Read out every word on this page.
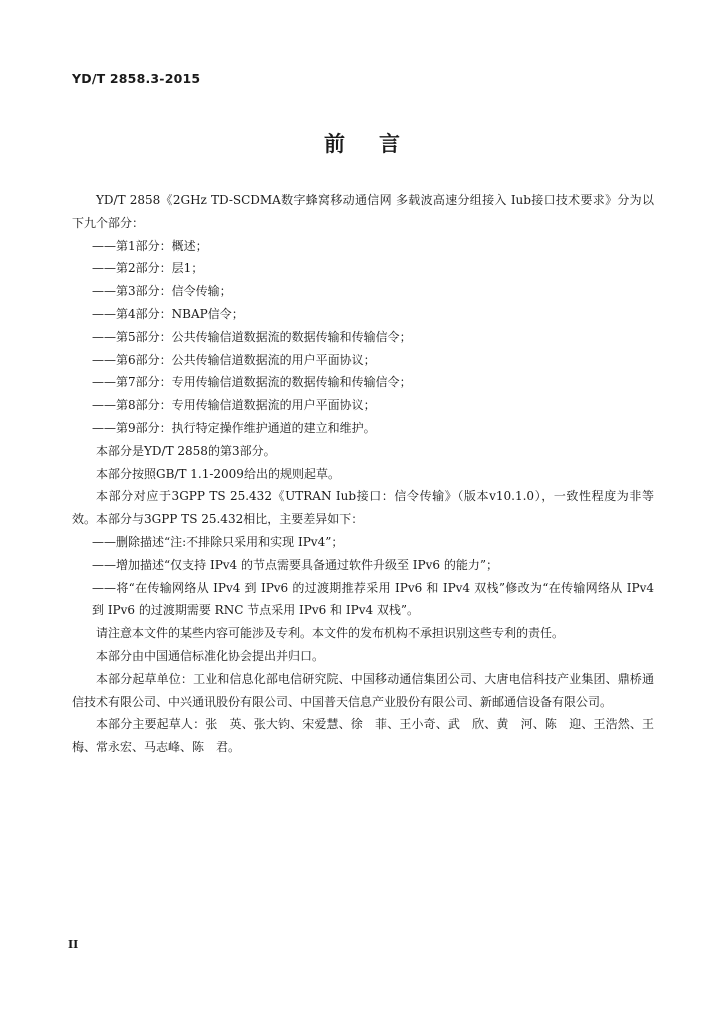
YD/T 2858.3-2015
前言

YD/T 2858《2GHz TD-SCDMA数字蜂窝移动通信网 多载波高速分组接入 Iub接口技术要求》分为以下九个部分：

——第1部分：概述；

——第2部分：层1；

——第3部分：信令传输；

——第4部分：NBAP信令；

——第5部分：公共传输信道数据流的数据传输和传输信令；

——第6部分：公共传输信道数据流的用户平面协议；

——第7部分：专用传输信道数据流的数据传输和传输信令；

——第8部分：专用传输信道数据流的用户平面协议；

——第9部分：执行特定操作维护通道的建立和维护。

本部分是YD/T 2858的第3部分。

本部分按照GB/T 1.1-2009给出的规则起草。

本部分对应于3GPP TS 25.432《UTRAN Iub接口：信令传输》（版本v10.1.0），一致性程度为非等效。本部分与3GPP TS 25.432相比，主要差异如下：

——删除描述“注:不排除只采用和实现 IPv4”；

——增加描述“仅支持 IPv4 的节点需要具备通过软件升级至 IPv6 的能力”；

——将“在传输网络从 IPv4 到 IPv6 的过渡期推荐采用 IPv6 和 IPv4 双栈”修改为“在传输网络从 IPv4 到 IPv6 的过渡期需要 RNC 节点采用 IPv6 和 IPv4 双栈”。

请注意本文件的某些内容可能涉及专利。本文件的发布机构不承担识别这些专利的责任。

本部分由中国通信标准化协会提出并归口。

本部分起草单位：工业和信息化部电信研究院、中国移动通信集团公司、大唐电信科技产业集团、鼎桥通信技术有限公司、中兴通讯股份有限公司、中国普天信息产业股份有限公司、新邮通信设备有限公司。

本部分主要起草人：张　英、张大钧、宋爱慧、徐　菲、王小奇、武　欣、黄　河、陈　迎、王浩然、王　梅、常永宏、马志峰、陈　君。

II
